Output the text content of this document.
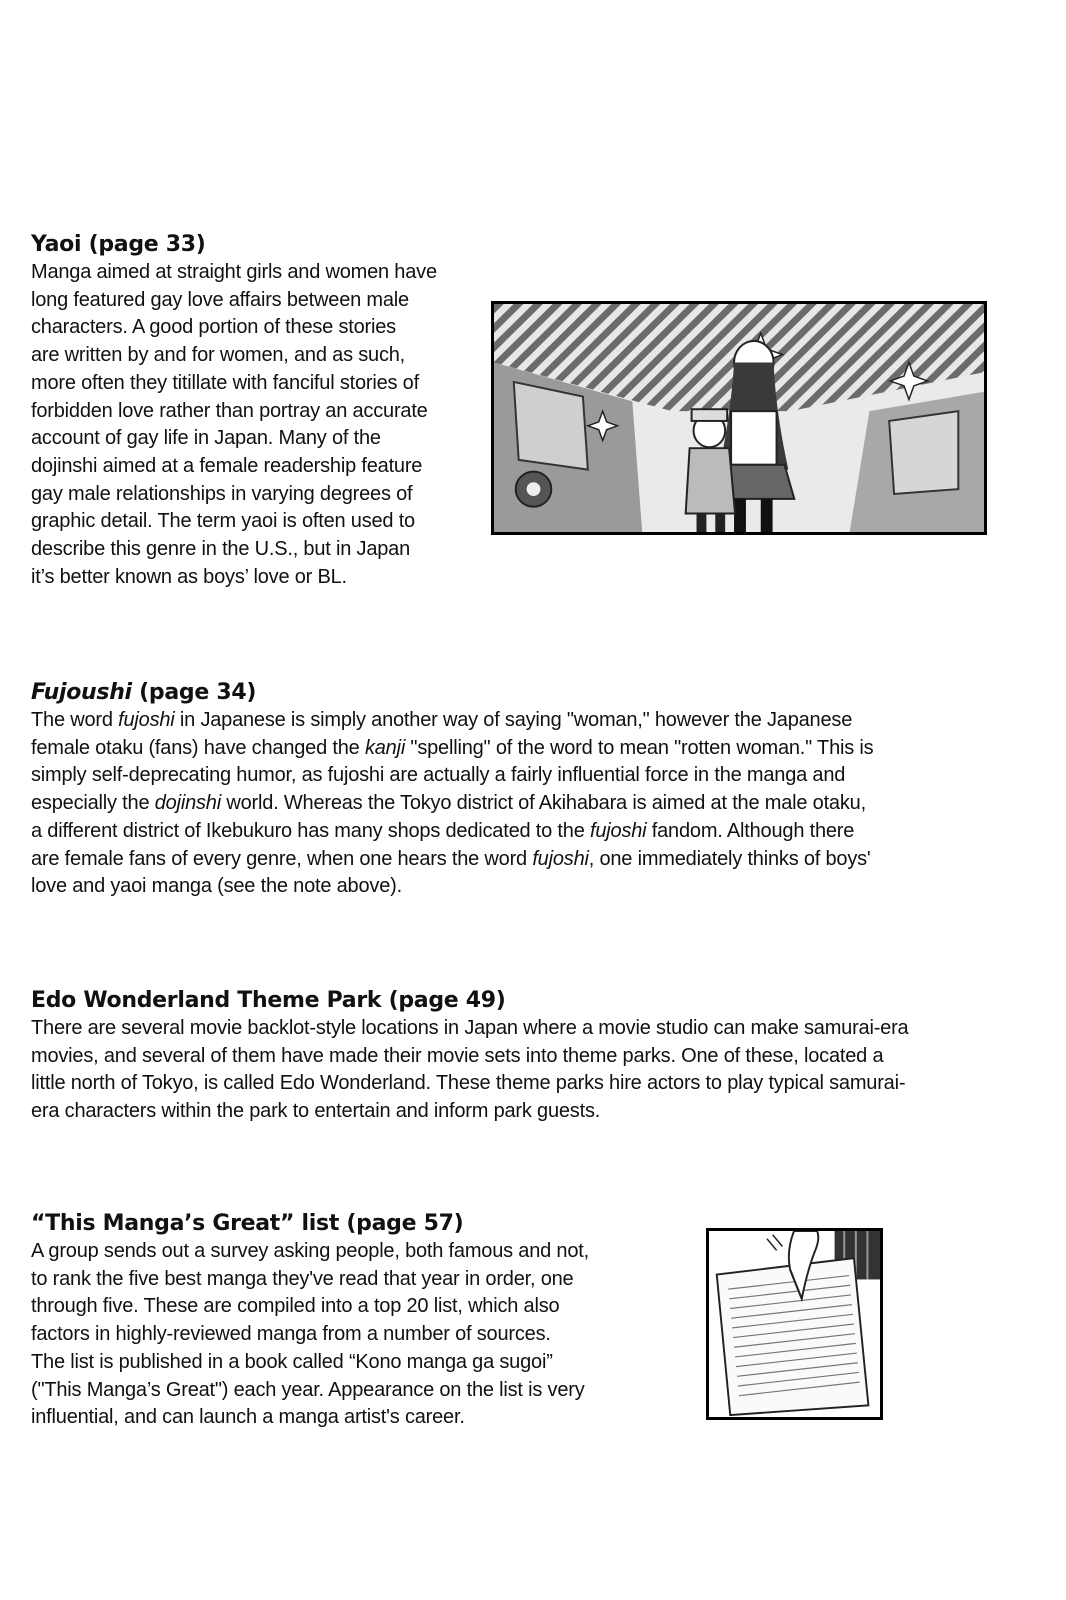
Yaoi (page 33)
Manga aimed at straight girls and women have
long featured gay love affairs between male
characters. A good portion of these stories
are written by and for women, and as such,
more often they titillate with fanciful stories of
forbidden love rather than portray an accurate
account of gay life in Japan. Many of the
dojinshi aimed at a female readership feature
gay male relationships in varying degrees of
graphic detail. The term yaoi is often used to
describe this genre in the U.S., but in Japan
it’s better known as boys’ love or BL.
Fujoushi (page 34)
The word fujoshi in Japanese is simply another way of saying "woman," however the Japanese
female otaku (fans) have changed the kanji "spelling" of the word to mean "rotten woman." This is
simply self-deprecating humor, as fujoshi are actually a fairly influential force in the manga and
especially the dojinshi world. Whereas the Tokyo district of Akihabara is aimed at the male otaku,
a different district of Ikebukuro has many shops dedicated to the fujoshi fandom. Although there
are female fans of every genre, when one hears the word fujoshi, one immediately thinks of boys'
love and yaoi manga (see the note above).
Edo Wonderland Theme Park (page 49)
There are several movie backlot-style locations in Japan where a movie studio can make samurai-era
movies, and several of them have made their movie sets into theme parks. One of these, located a
little north of Tokyo, is called Edo Wonderland. These theme parks hire actors to play typical samurai-
era characters within the park to entertain and inform park guests.
“This Manga’s Great” list (page 57)
A group sends out a survey asking people, both famous and not,
to rank the five best manga they've read that year in order, one
through five. These are compiled into a top 20 list, which also
factors in highly-reviewed manga from a number of sources.
The list is published in a book called “Kono manga ga sugoi”
("This Manga’s Great") each year. Appearance on the list is very
influential, and can launch a manga artist's career.
